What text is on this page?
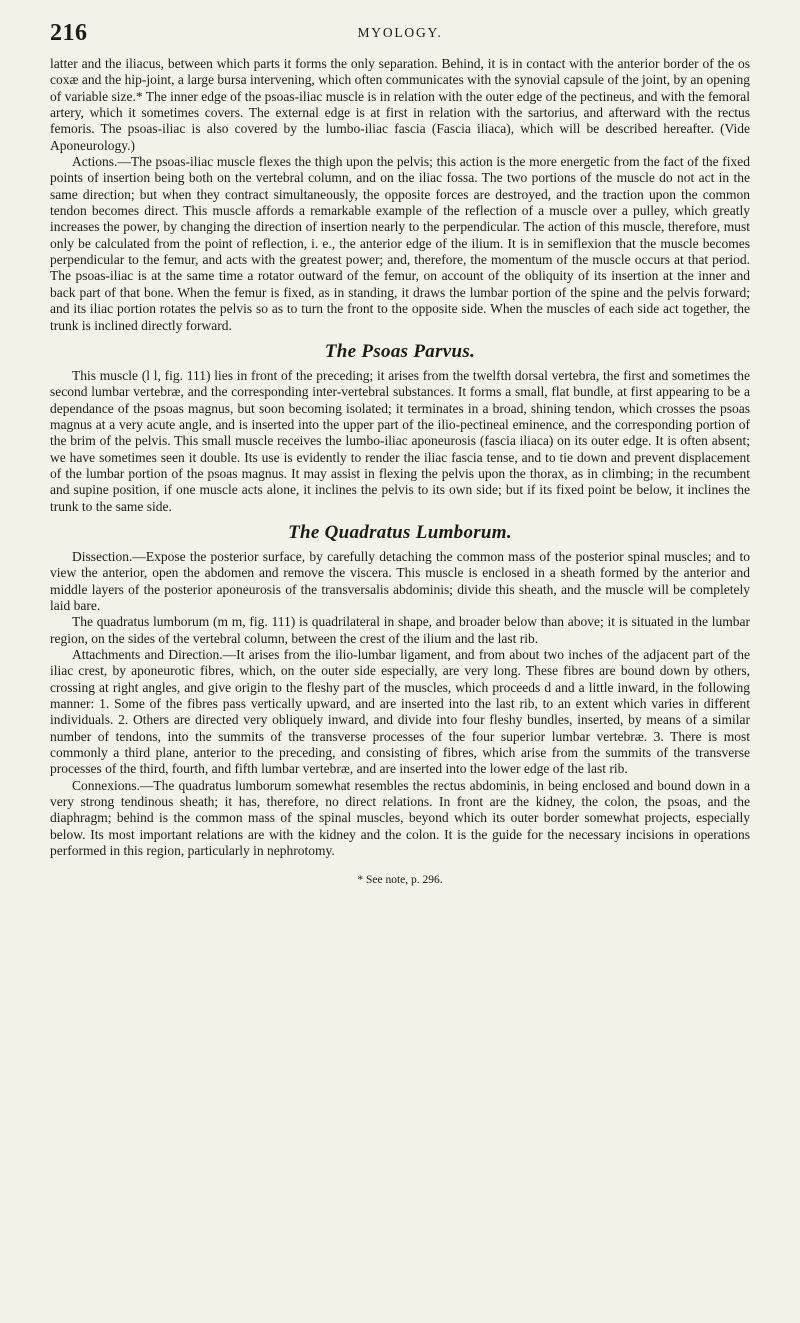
216	MYOLOGY.

latter and the iliacus, between which parts it forms the only separation. Behind, it is in contact with the anterior border of the os coxæ and the hip-joint, a large bursa intervening, which often communicates with the synovial capsule of the joint, by an opening of variable size.* The inner edge of the psoas-iliac muscle is in relation with the outer edge of the pectineus, and with the femoral artery, which it sometimes covers. The external edge is at first in relation with the sartorius, and afterward with the rectus femoris. The psoas-iliac is also covered by the lumbo-iliac fascia (Fascia iliaca), which will be described hereafter. (Vide Aponeurology.)

Actions.—The psoas-iliac muscle flexes the thigh upon the pelvis; this action is the more energetic from the fact of the fixed points of insertion being both on the vertebral column, and on the iliac fossa. The two portions of the muscle do not act in the same direction; but when they contract simultaneously, the opposite forces are destroyed, and the traction upon the common tendon becomes direct. This muscle affords a remarkable example of the reflection of a muscle over a pulley, which greatly increases the power, by changing the direction of insertion nearly to the perpendicular. The action of this muscle, therefore, must only be calculated from the point of reflection, i. e., the anterior edge of the ilium. It is in semiflexion that the muscle becomes perpendicular to the femur, and acts with the greatest power; and, therefore, the momentum of the muscle occurs at that period. The psoas-iliac is at the same time a rotator outward of the femur, on account of the obliquity of its insertion at the inner and back part of that bone. When the femur is fixed, as in standing, it draws the lumbar portion of the spine and the pelvis forward; and its iliac portion rotates the pelvis so as to turn the front to the opposite side. When the muscles of each side act together, the trunk is inclined directly forward.

The Psoas Parvus.

This muscle (l l, fig. 111) lies in front of the preceding; it arises from the twelfth dorsal vertebra, the first and sometimes the second lumbar vertebræ, and the corresponding inter-vertebral substances. It forms a small, flat bundle, at first appearing to be a dependance of the psoas magnus, but soon becoming isolated; it terminates in a broad, shining tendon, which crosses the psoas magnus at a very acute angle, and is inserted into the upper part of the ilio-pectineal eminence, and the corresponding portion of the brim of the pelvis. This small muscle receives the lumbo-iliac aponeurosis (fascia iliaca) on its outer edge. It is often absent; we have sometimes seen it double. Its use is evidently to render the iliac fascia tense, and to tie down and prevent displacement of the lumbar portion of the psoas magnus. It may assist in flexing the pelvis upon the thorax, as in climbing; in the recumbent and supine position, if one muscle acts alone, it inclines the pelvis to its own side; but if its fixed point be below, it inclines the trunk to the same side.

The Quadratus Lumborum.

Dissection.—Expose the posterior surface, by carefully detaching the common mass of the posterior spinal muscles; and to view the anterior, open the abdomen and remove the viscera. This muscle is enclosed in a sheath formed by the anterior and middle layers of the posterior aponeurosis of the transversalis abdominis; divide this sheath, and the muscle will be completely laid bare.

The quadratus lumborum (m m, fig. 111) is quadrilateral in shape, and broader below than above; it is situated in the lumbar region, on the sides of the vertebral column, between the crest of the ilium and the last rib.

Attachments and Direction.—It arises from the ilio-lumbar ligament, and from about two inches of the adjacent part of the iliac crest, by aponeurotic fibres, which, on the outer side especially, are very long. These fibres are bound down by others, crossing at right angles, and give origin to the fleshy part of the muscles, which proceeds d and a little inward, in the following manner: 1. Some of the fibres pass vertically upward, and are inserted into the last rib, to an extent which varies in different individuals. 2. Others are directed very obliquely inward, and divide into four fleshy bundles, inserted, by means of a similar number of tendons, into the summits of the transverse processes of the four superior lumbar vertebræ. 3. There is most commonly a third plane, anterior to the preceding, and consisting of fibres, which arise from the summits of the transverse processes of the third, fourth, and fifth lumbar vertebræ, and are inserted into the lower edge of the last rib.

Connexions.—The quadratus lumborum somewhat resembles the rectus abdominis, in being enclosed and bound down in a very strong tendinous sheath; it has, therefore, no direct relations. In front are the kidney, the colon, the psoas, and the diaphragm; behind is the common mass of the spinal muscles, beyond which its outer border somewhat projects, especially below. Its most important relations are with the kidney and the colon. It is the guide for the necessary incisions in operations performed in this region, particularly in nephrotomy.

* See note, p. 296.
